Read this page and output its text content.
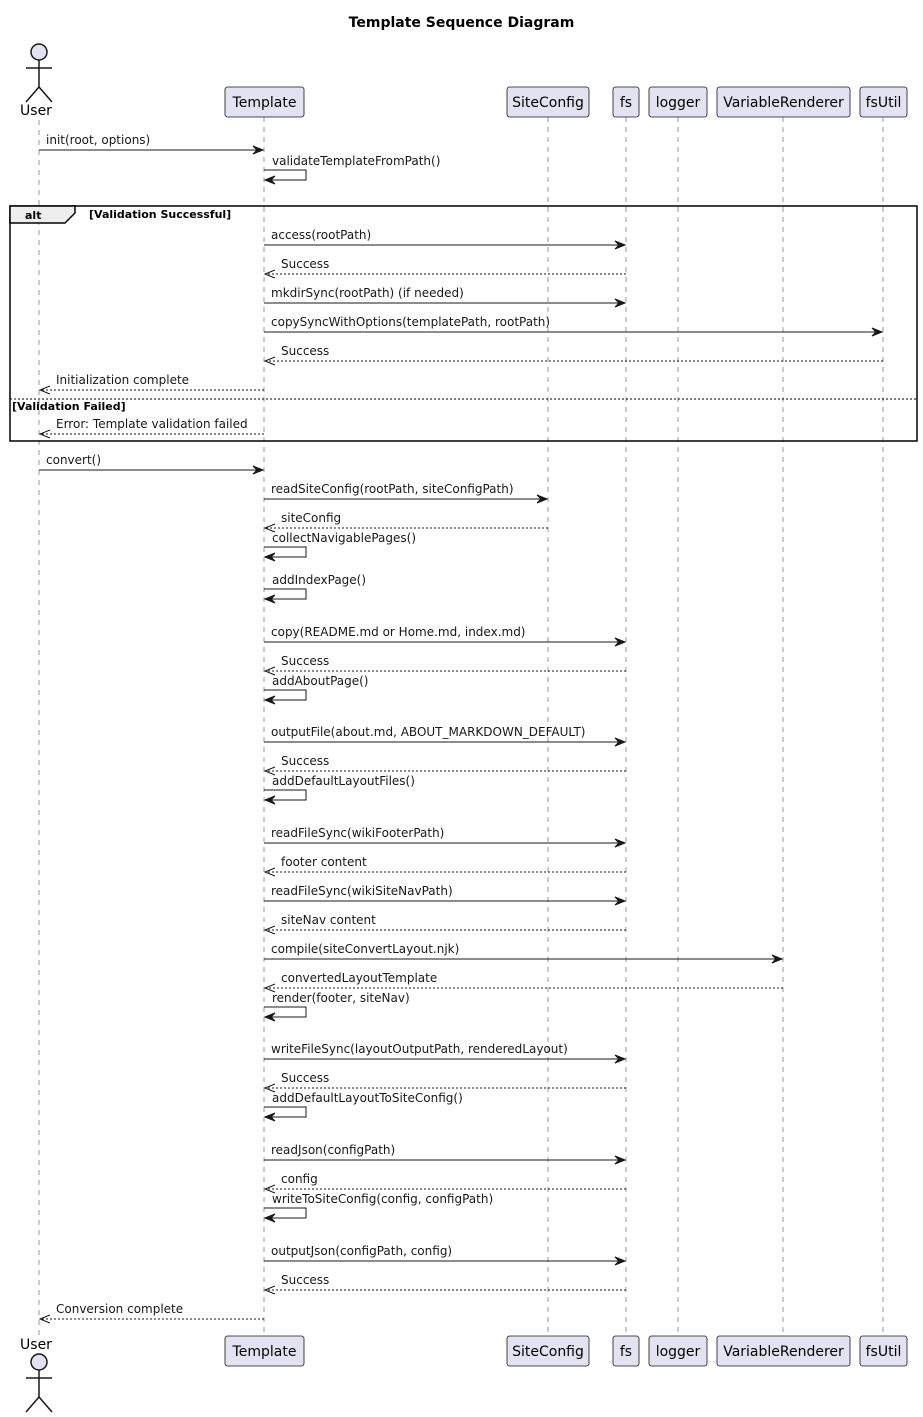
Template Sequence Diagram
alt	[Validation Successful]
[Validation Failed]
User
User
Template
Template
SiteConfig
SiteConfig
fs
fs
logger
logger
VariableRenderer
VariableRenderer
fsUtil
fsUtil
init(root, options)
validateTemplateFromPath()
access(rootPath)
Success
mkdirSync(rootPath) (if needed)
copySyncWithOptions(templatePath, rootPath)
Success
Initialization complete
Error: Template validation failed
convert()
readSiteConfig(rootPath, siteConfigPath)
siteConfig
collectNavigablePages()
addIndexPage()
copy(README.md or Home.md, index.md)
Success
addAboutPage()
outputFile(about.md, ABOUT_MARKDOWN_DEFAULT)
Success
addDefaultLayoutFiles()
readFileSync(wikiFooterPath)
footer content
readFileSync(wikiSiteNavPath)
siteNav content
compile(siteConvertLayout.njk)
convertedLayoutTemplate
render(footer, siteNav)
writeFileSync(layoutOutputPath, renderedLayout)
Success
addDefaultLayoutToSiteConfig()
readJson(configPath)
config
writeToSiteConfig(config, configPath)
outputJson(configPath, config)
Success
Conversion complete
